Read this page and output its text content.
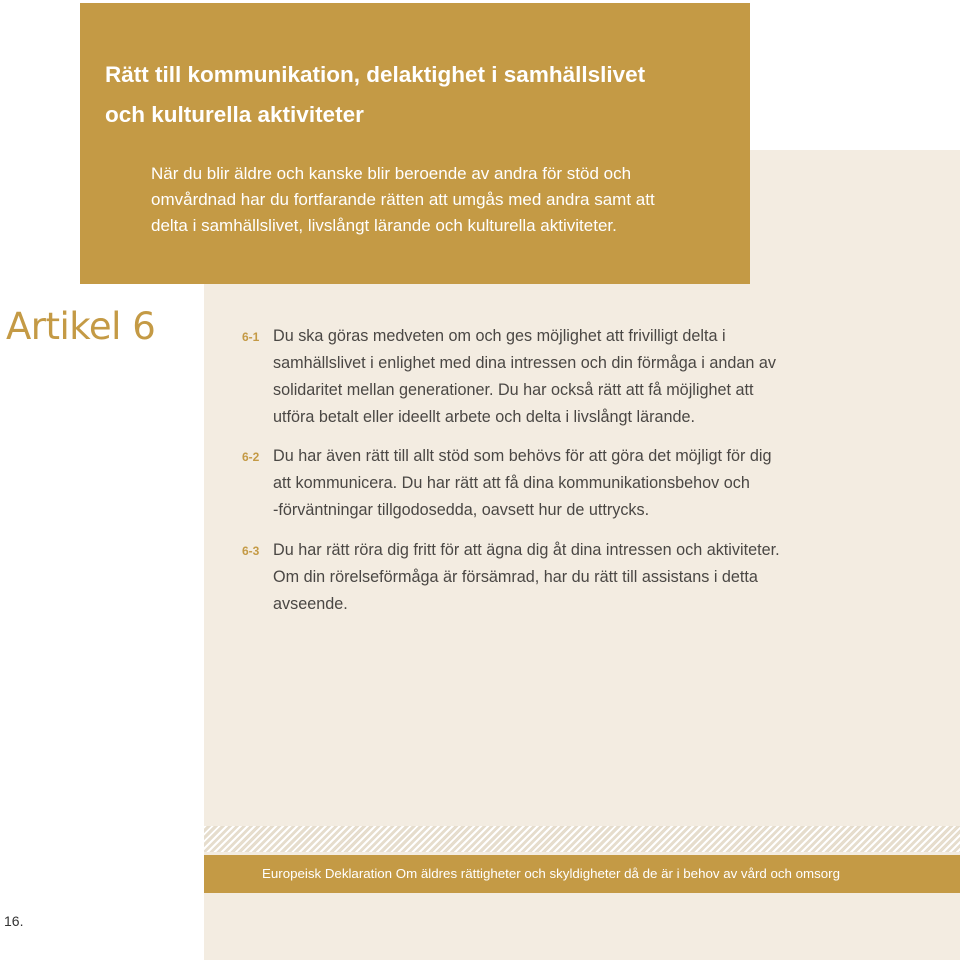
Rätt till kommunikation, delaktighet i samhällslivet
och kulturella aktiviteter

När du blir äldre och kanske blir beroende av andra för stöd och
omvårdnad har du fortfarande rätten att umgås med andra samt att
delta i samhällslivet, livslångt lärande och kulturella aktiviteter.

Artikel 6	6-1 Du ska göras medveten om och ges möjlighet att frivilligt delta i
samhällslivet i enlighet med dina intressen och din förmåga i andan av
solidaritet mellan generationer. Du har också rätt att få möjlighet att
utföra betalt eller ideellt arbete och delta i livslångt lärande.

6-2 Du har även rätt till allt stöd som behövs för att göra det möjligt för dig
att kommunicera. Du har rätt att få dina kommunikationsbehov och
-förväntningar tillgodosedda, oavsett hur de uttrycks.

6-3 Du har rätt röra dig fritt för att ägna dig åt dina intressen och aktiviteter.
Om din rörelseförmåga är försämrad, har du rätt till assistans i detta
avseende.

Europeisk Deklaration Om äldres rättigheter och skyldigheter då de är i behov av vård och omsorg

16.
